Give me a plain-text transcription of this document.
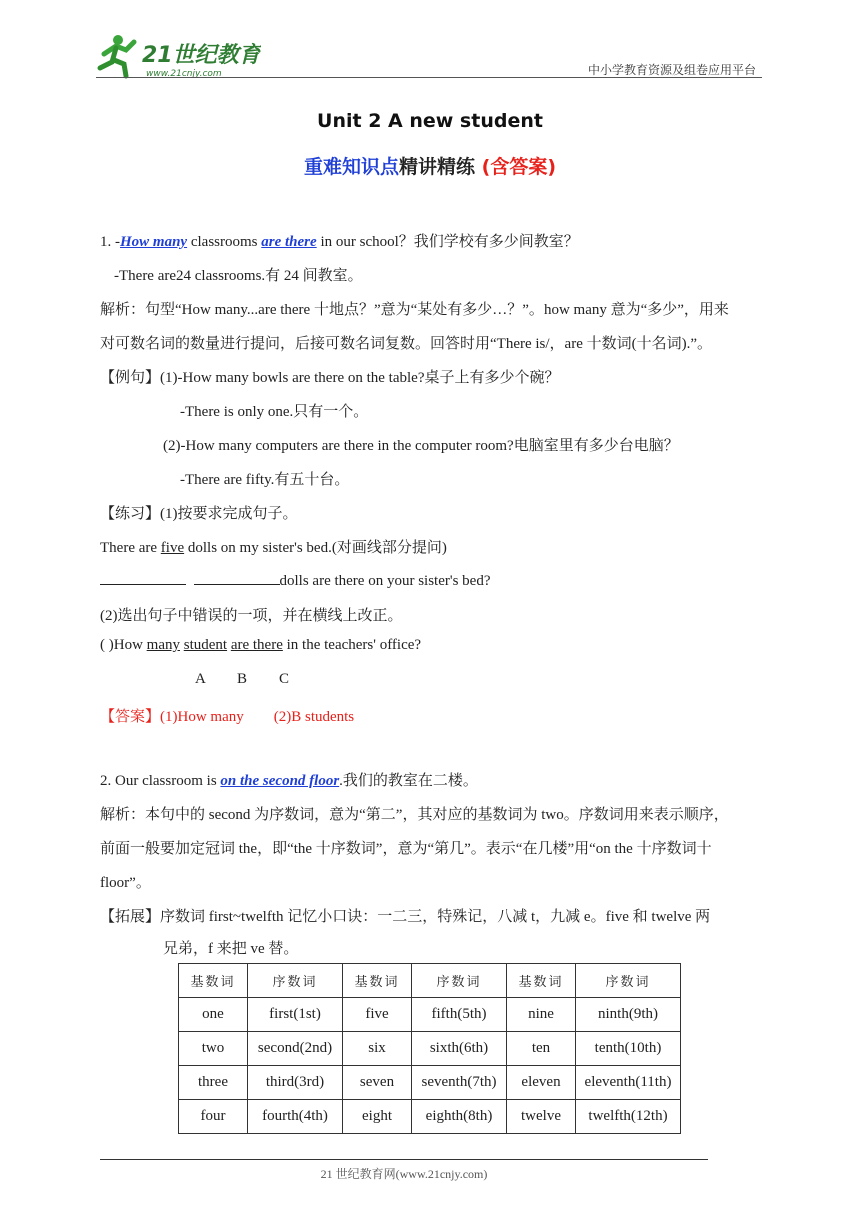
21世纪教育
www.21cnjy.com	中小学教育资源及组卷应用平台
Unit 2 A new student
重难知识点精讲精练 (含答案)
1. -How many classrooms are there in our school？我们学校有多少间教室？
-There are24 classrooms.有 24 间教室。
解析：句型“How many...are there 十地点？”意为“某处有多少…？”。how many 意为“多少”，用来
对可数名词的数量进行提问，后接可数名词复数。回答时用“There is/，are 十数词(十名词).”。
【例句】(1)-How many bowls are there on the table?桌子上有多少个碗？
-There is only one.只有一个。
(2)-How many computers are there in the computer room?电脑室里有多少台电脑？
-There are fifty.有五十台。
【练习】(1)按要求完成句子。
There are five dolls on my sister's bed.(对画线部分提问)
dolls are there on your sister's bed?
(2)选出句子中错误的一项，并在横线上改正。
( )How many student are there in the teachers' office?
A B C
【答案】(1)How many        (2)B students
2. Our classroom is on the second floor.我们的教室在二楼。
解析：本句中的 second 为序数词，意为“第二”，其对应的基数词为 two。序数词用来表示顺序，
前面一般要加定冠词 the，即“the 十序数词”，意为“第几”。表示“在几楼”用“on the 十序数词十
floor”。
【拓展】序数词 first~twelfth 记忆小口诀：一二三，特殊记，八减 t，九减 e。five 和 twelve 两
兄弟，f 来把 ve 替。
基数词	序数词	基数词	序数词	基数词	序数词
one	first(1st)	five	fifth(5th)	nine	ninth(9th)
two	second(2nd)	six	sixth(6th)	ten	tenth(10th)
three	third(3rd)	seven	seventh(7th)	eleven	eleventh(11th)
four	fourth(4th)	eight	eighth(8th)	twelve	twelfth(12th)
21 世纪教育网(www.21cnjy.com)
